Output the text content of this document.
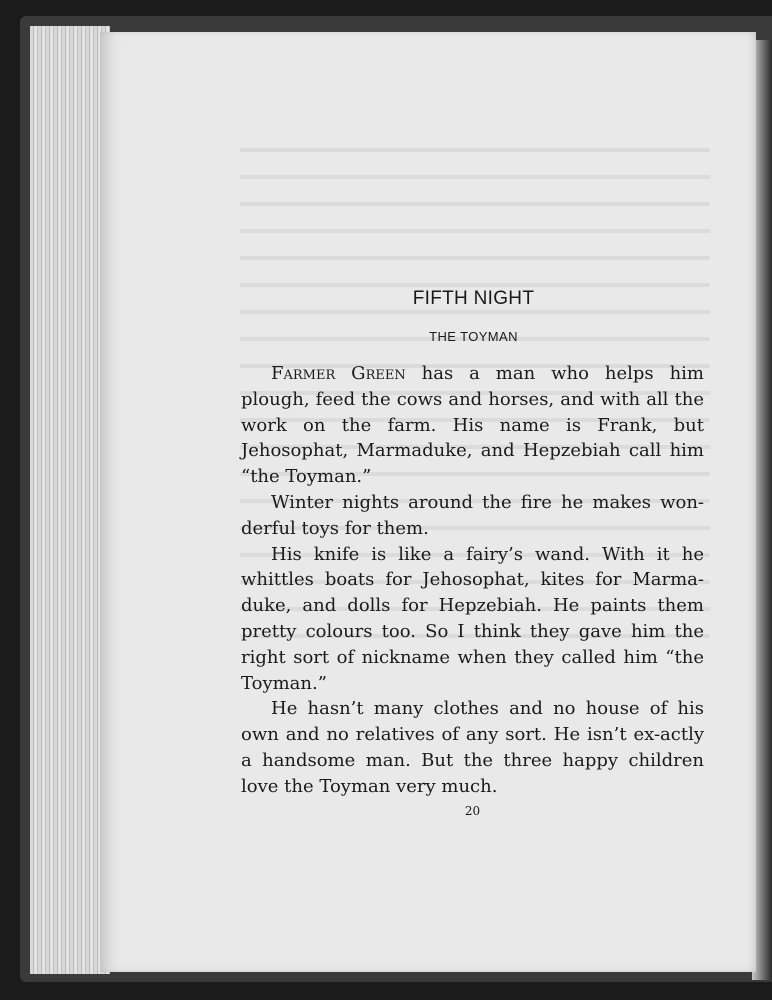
FIFTH NIGHT
THE TOYMAN

Farmer Green has a man who helps him plough, feed the cows and horses, and with all the work on the farm. His name is Frank, but Jehosophat, Marmaduke, and Hepzebiah call him “the Toyman.”

Winter nights around the fire he makes won-derful toys for them.

His knife is like a fairy’s wand. With it he whittles boats for Jehosophat, kites for Marma-duke, and dolls for Hepzebiah. He paints them pretty colours too. So I think they gave him the right sort of nickname when they called him “the Toyman.”

He hasn’t many clothes and no house of his own and no relatives of any sort. He isn’t ex-actly a handsome man. But the three happy children love the Toyman very much.

20
